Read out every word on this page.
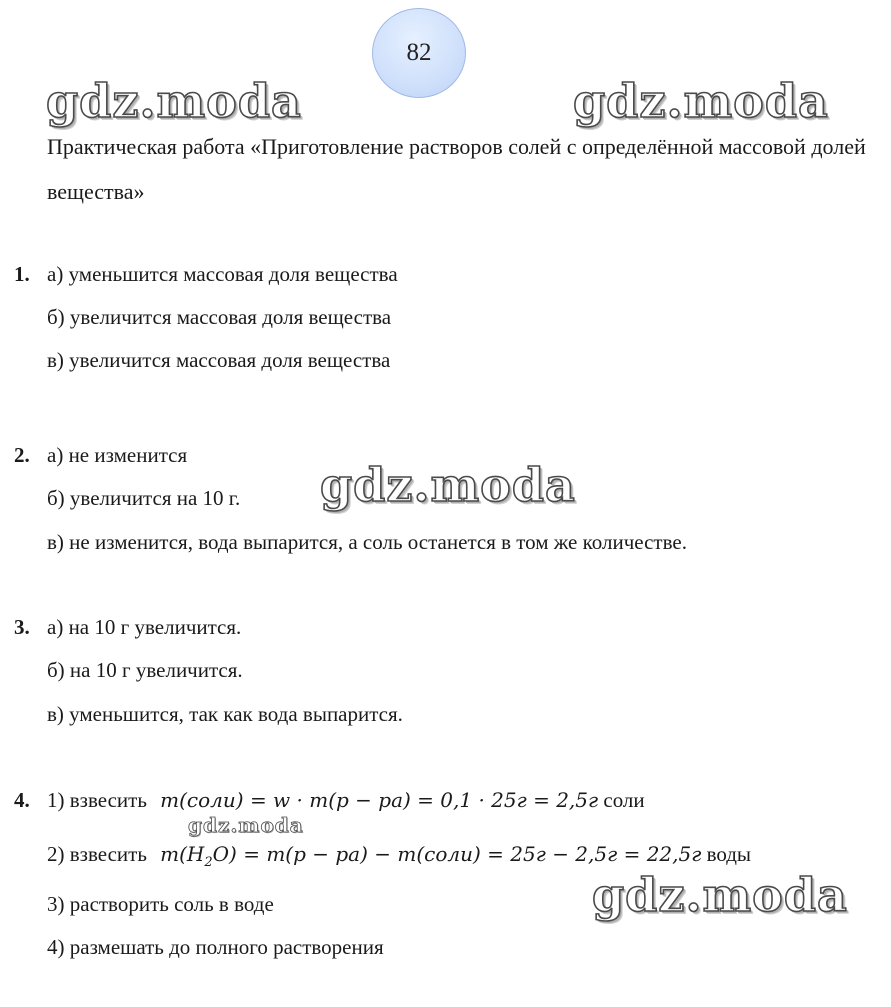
82
gdz.moda	gdz.moda
gdz.moda
gdz.moda
gdz.moda
Практическая работа «Приготовление растворов солей с определённой массовой долей вещества»
1. а) уменьшится массовая доля вещества
б) увеличится массовая доля вещества
в) увеличится массовая доля вещества
2. а) не изменится
б) увеличится на 10 г.
в) не изменится, вода выпарится, а соль останется в том же количестве.
3. а) на 10 г увеличится.
б) на 10 г увеличится.
в) уменьшится, так как вода выпарится.
4. 1) взвесить m(соли) = w · m(р − ра) = 0,1 · 25г = 2,5г соли
2) взвесить $m(H_2O) = m(р - ра)$ − m(соли) = 25г − 2,5г = 22,5г воды
3) растворить соль в воде
4) размешать до полного растворения
